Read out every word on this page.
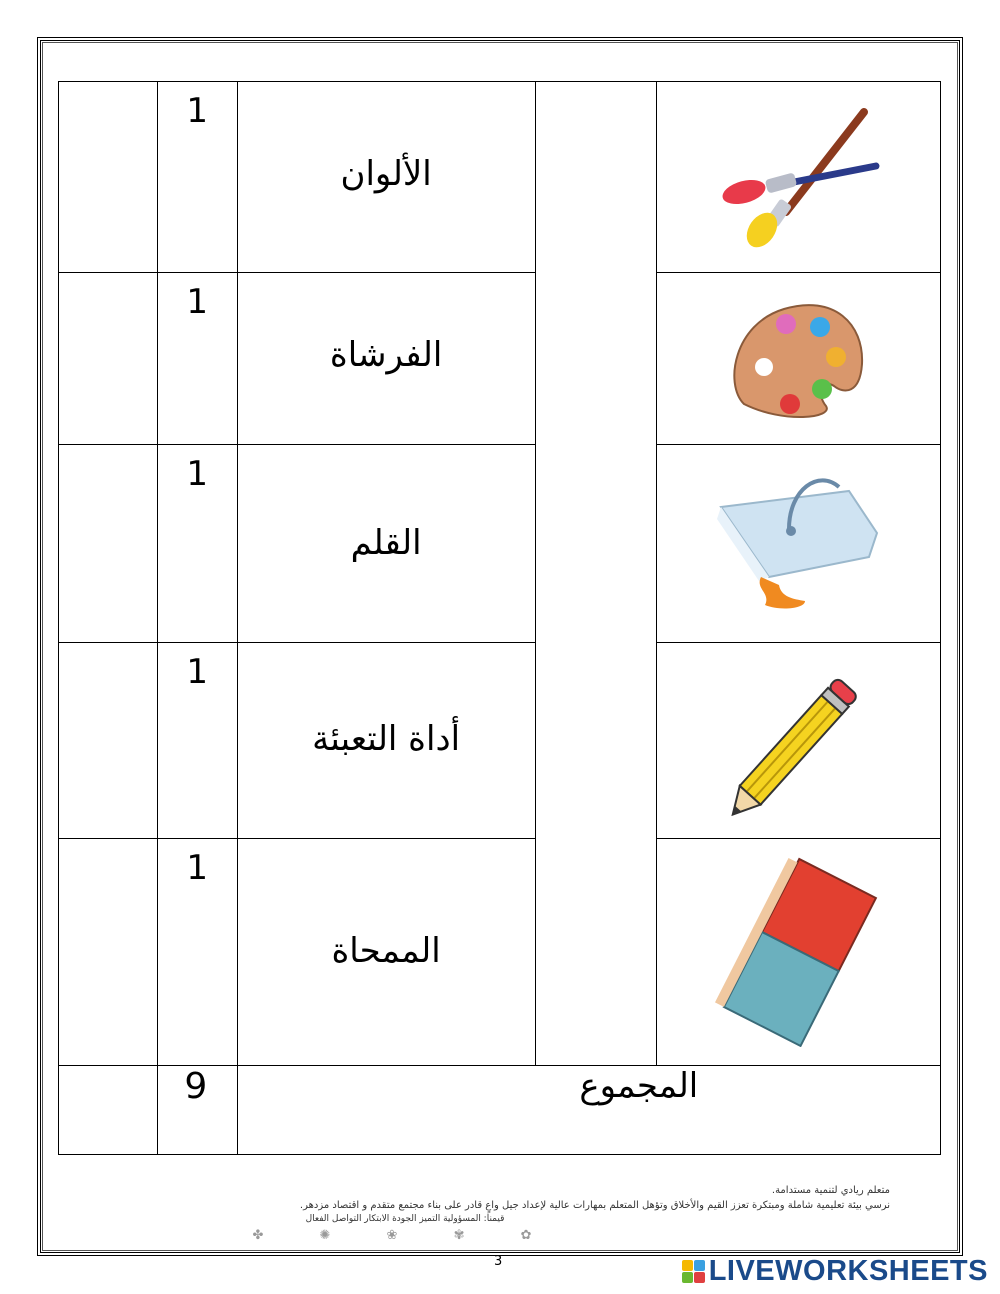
	1	الألوان

	1	الفرشاة

	1	القلم

	1	أداة التعبئة

	1	الممحاة

	9	المجموع		
متعلم ريادي لتنمية مستدامة.
نرسي بيئة تعليمية شاملة ومبتكرة تعزز القيم والأخلاق وتؤهل المتعلم بمهارات عالية لإعداد جيل واعٍ قادر على بناء مجتمع متقدم و اقتصاد مزدهر.
قيمنا: المسؤولية التميز الجودة الابتكار التواصل الفعال
✿ ✾ ❀ ✺ ✤
3	LIVEWORKSHEETS
